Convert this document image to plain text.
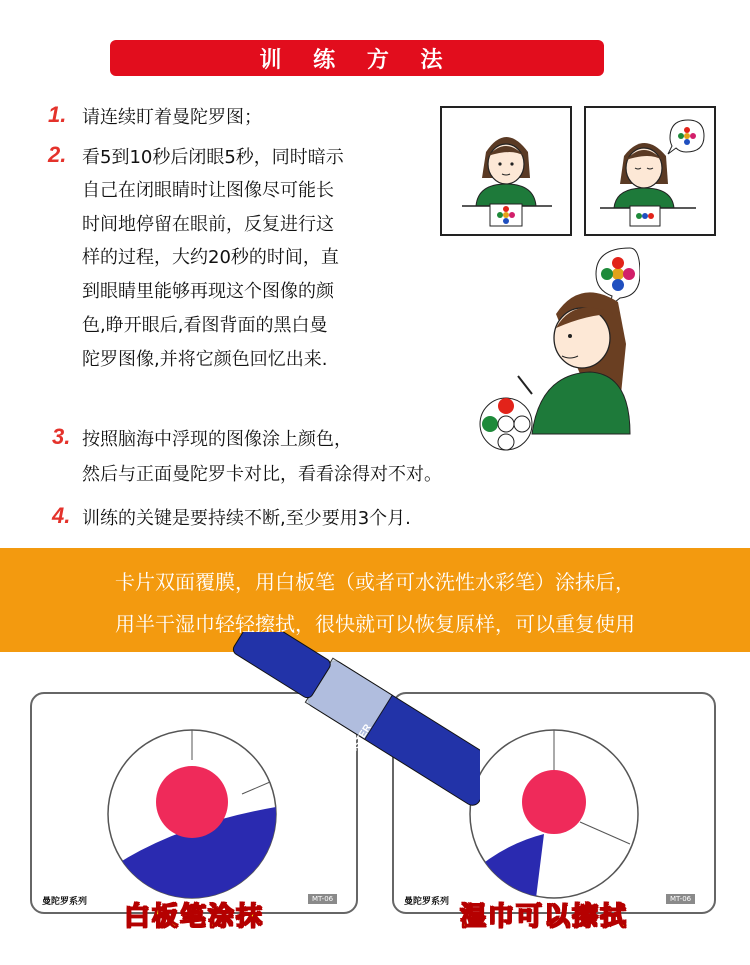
训 练 方 法
1. 请连续盯着曼陀罗图；
2. 看5到10秒后闭眼5秒，同时暗示
自己在闭眼睛时让图像尽可能长
时间地停留在眼前，反复进行这
样的过程，大约20秒的时间，直
到眼睛里能够再现这个图像的颜
色,睁开眼后,看图背面的黑白曼
陀罗图像,并将它颜色回忆出来.
3. 按照脑海中浮现的图像涂上颜色，
然后与正面曼陀罗卡对比，看看涂得对不对。
4. 训练的关键是要持续不断,至少要用3个月.
卡片双面覆膜，用白板笔（或者可水洗性水彩笔）涂抹后，
用半干湿巾轻轻擦拭，很快就可以恢复原样，可以重复使用
曼陀罗系列	MT-06
白板笔涂抹	曼陀罗系列	MT-06
湿巾可以擦拭
V
BOARD MASTER
PILOT
